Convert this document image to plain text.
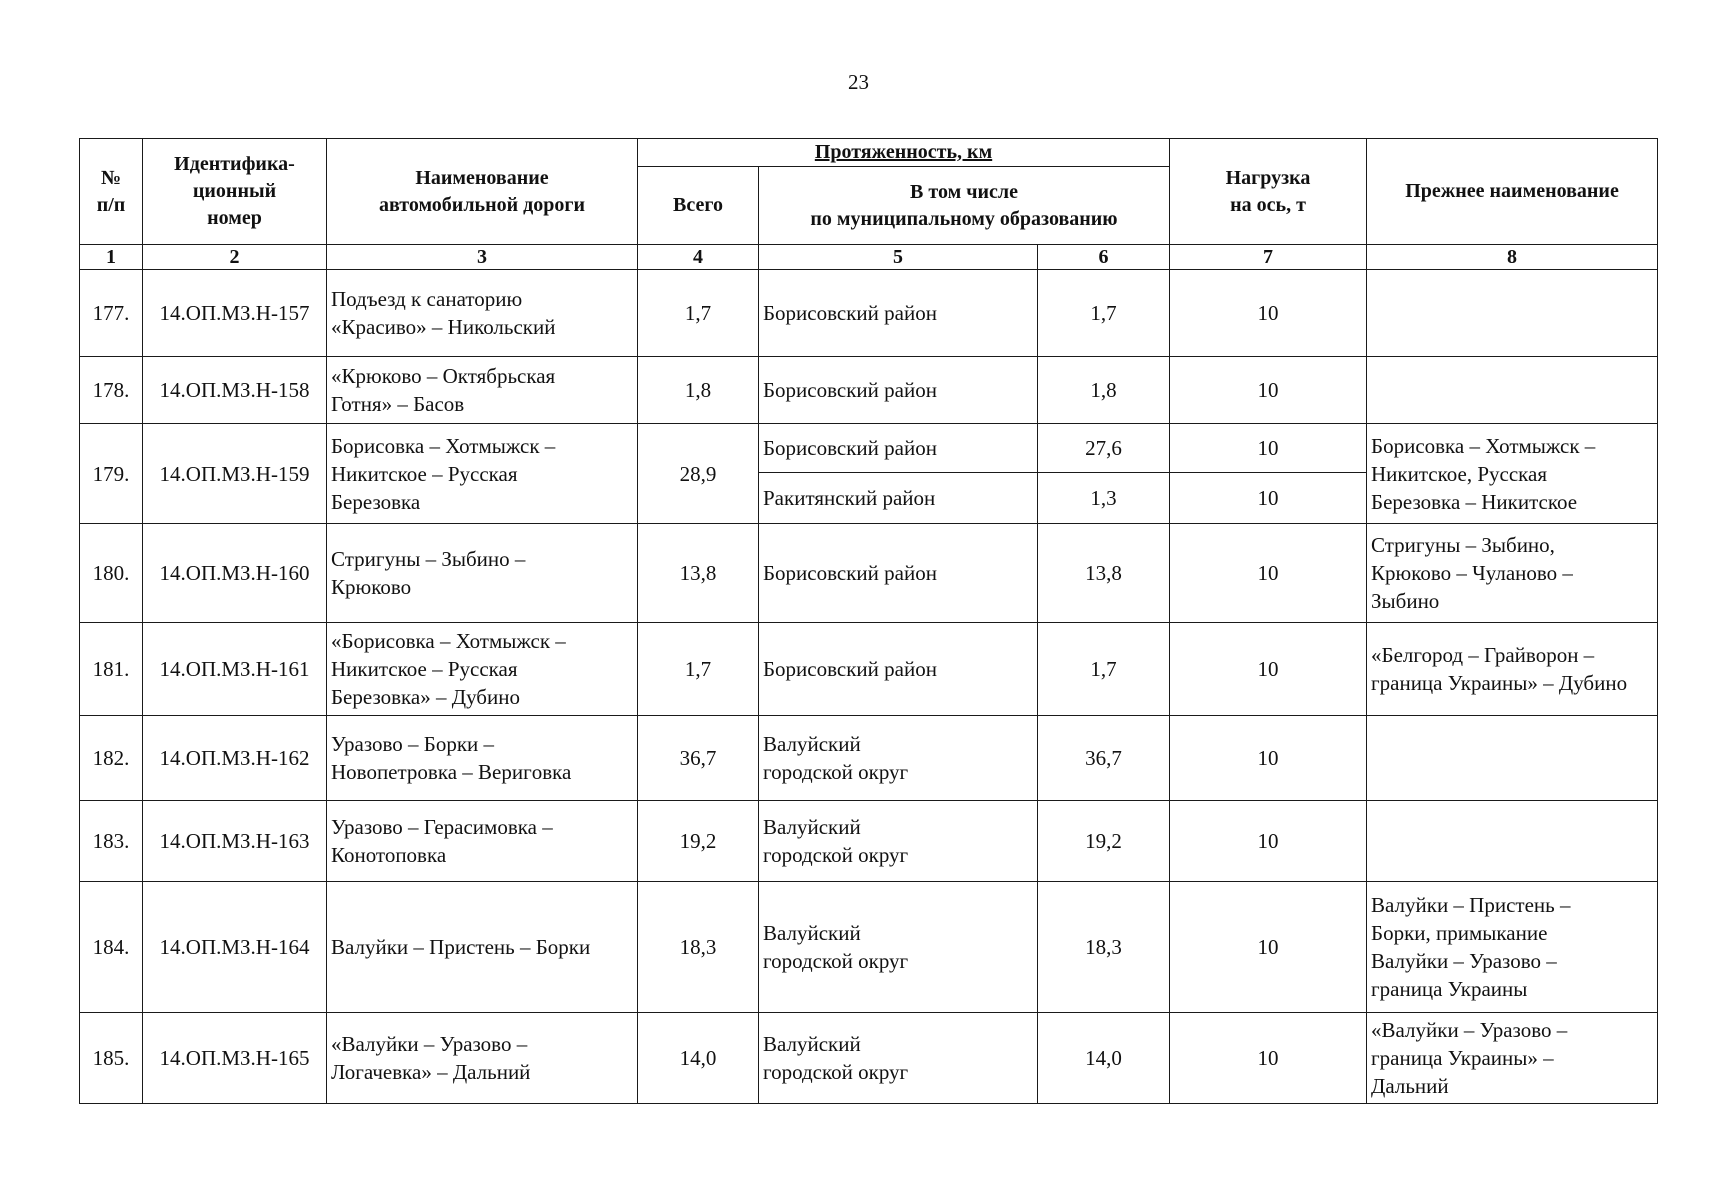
23
№
п/п	Идентифика-
ционный
номер	Наименование
автомобильной дороги	Протяженность, км			Нагрузка
на ось, т	Прежнее наименование
			Всего	В том числе
по муниципальному образованию			
1	2	3	4	5	6	7	8
177.	14.ОП.МЗ.Н-157	Подъезд к санаторию
«Красиво» – Никольский	1,7	Борисовский район	1,7	10	
178.	14.ОП.МЗ.Н-158	«Крюково – Октябрьская
Готня» – Басов	1,8	Борисовский район	1,8	10	
179.	14.ОП.МЗ.Н-159	Борисовка – Хотмыжск –
Никитское – Русская
Березовка	28,9	Борисовский район	27,6	10	Борисовка – Хотмыжск –
Никитское, Русская
Березовка – Никитское
				Ракитянский район	1,3	10	
180.	14.ОП.МЗ.Н-160	Стригуны – Зыбино –
Крюково	13,8	Борисовский район	13,8	10	Стригуны – Зыбино,
Крюково – Чуланово –
Зыбино
181.	14.ОП.МЗ.Н-161	«Борисовка – Хотмыжск –
Никитское – Русская
Березовка» – Дубино	1,7	Борисовский район	1,7	10	«Белгород – Грайворон –
граница Украины» – Дубино
182.	14.ОП.МЗ.Н-162	Уразово – Борки –
Новопетровка – Веригoвка	36,7	Валуйский
городской округ	36,7	10	
183.	14.ОП.МЗ.Н-163	Уразово – Герасимовка –
Конотоповка	19,2	Валуйский
городской округ	19,2	10	
184.	14.ОП.МЗ.Н-164	Валуйки – Пристень – Борки	18,3	Валуйский
городской округ	18,3	10	Валуйки – Пристень –
Борки, примыкание
Валуйки – Уразово –
граница Украины
185.	14.ОП.МЗ.Н-165	«Валуйки – Уразово –
Логачевка» – Дальний	14,0	Валуйский
городской округ	14,0	10	«Валуйки – Уразово –
граница Украины» –
Дальний
